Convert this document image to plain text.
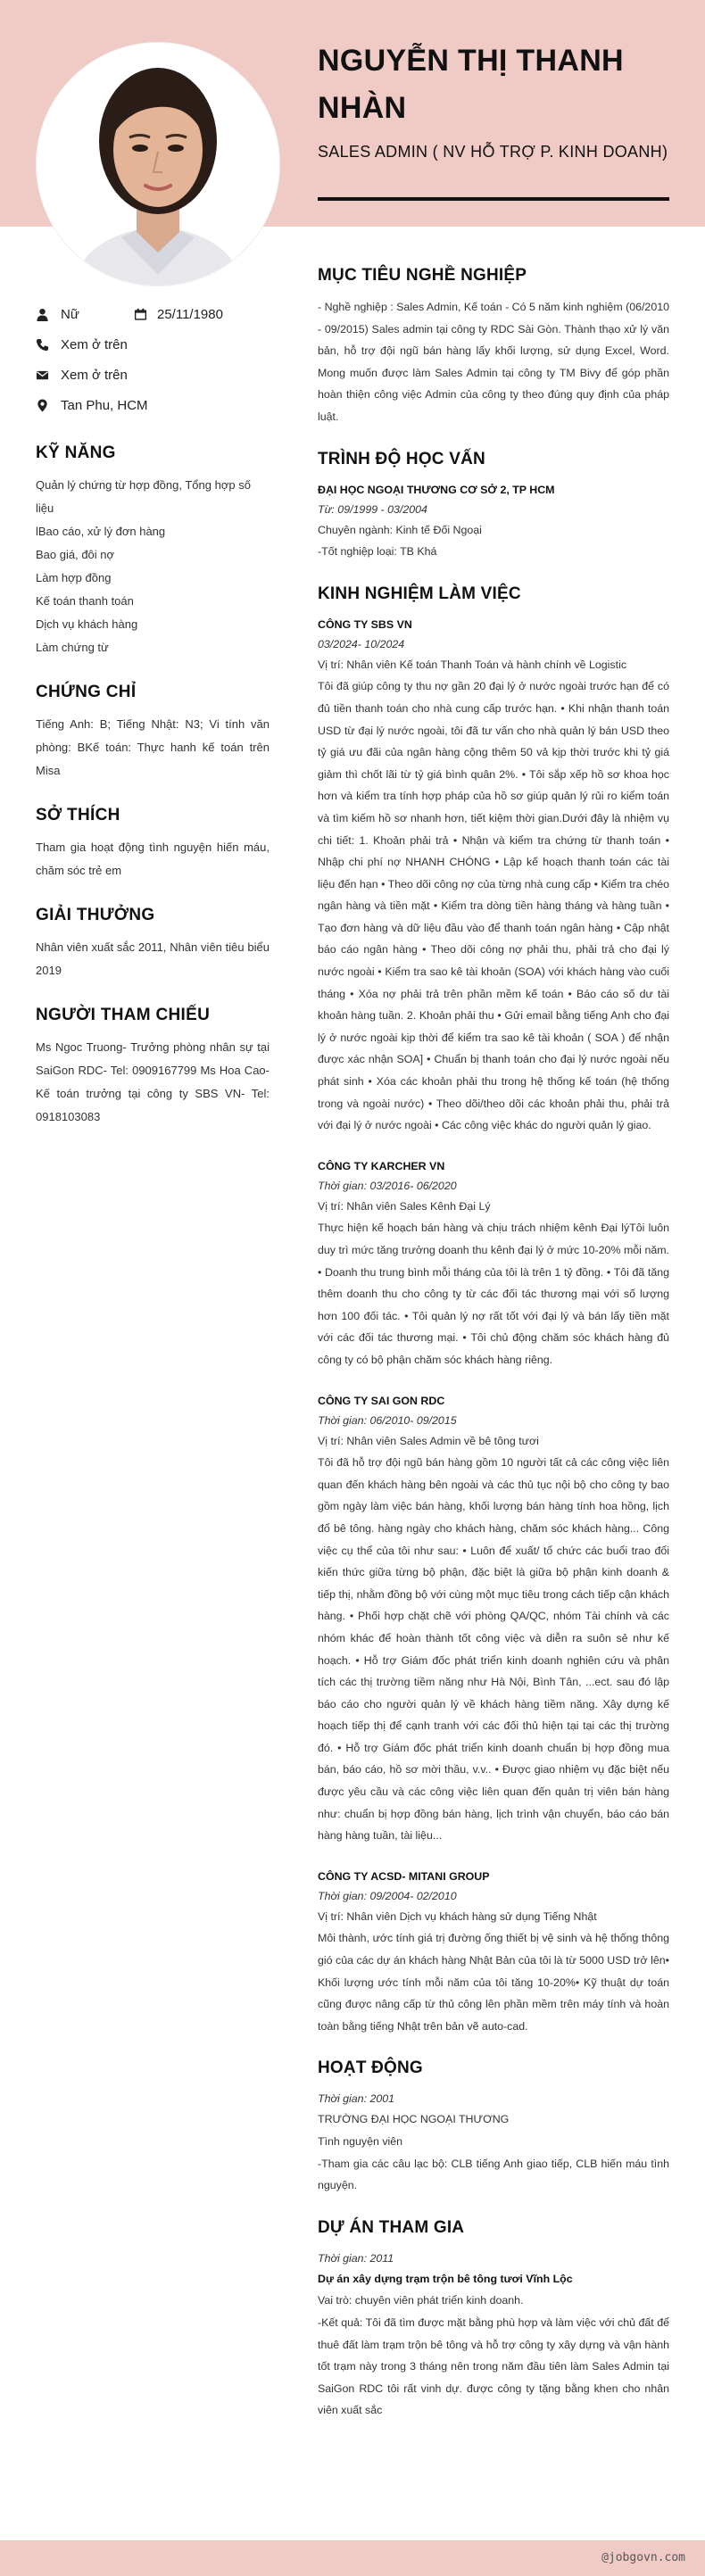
NGUYỄN THỊ THANH NHÀN
SALES ADMIN ( NV HỖ TRỢ P. KINH DOANH)
Nữ	25/11/1980
Xem ở trên
Xem ở trên
Tan Phu, HCM
KỸ NĂNG
Quản lý chứng từ hợp đồng, Tổng hợp số liệu
lBao cáo, xử lý đơn hàng
Bao giá, đôi nợ
Làm hợp đồng
Kế toán thanh toán
Dịch vụ khách hàng
Làm chứng từ
CHỨNG CHỈ

Tiếng Anh: B; Tiếng Nhật: N3; Vi tính văn phòng: BKế toán: Thực hanh kế toán trên Misa

SỞ THÍCH

Tham gia hoạt động tình nguyện hiến máu, chăm sóc trẻ em

GIẢI THƯỞNG

Nhân viên xuất sắc 2011, Nhân viên tiêu biểu 2019

NGƯỜI THAM CHIẾU

Ms Ngoc Truong- Trưởng phòng nhân sự tại SaiGon RDC- Tel: 0909167799 Ms Hoa Cao- Kế toán trưởng tại công ty SBS VN- Tel: 0918103083

MỤC TIÊU NGHỀ NGHIỆP

- Nghề nghiệp : Sales Admin, Kế toán - Có 5 năm kinh nghiệm (06/2010 - 09/2015) Sales admin tại công ty RDC Sài Gòn. Thành thạo xử lý văn bản, hỗ trợ đội ngũ bán hàng lấy khối lượng, sử dụng Excel, Word. Mong muốn được làm Sales Admin tại công ty TM Bivy để góp phần hoàn thiện công việc Admin của công ty theo đúng quy định của pháp luật.

TRÌNH ĐỘ HỌC VẤN
ĐẠI HỌC NGOẠI THƯƠNG CƠ SỞ 2, TP HCM
Từ: 09/1999 - 03/2004
Chuyên ngành: Kinh tế Đối Ngoại
-Tốt nghiệp loại: TB Khá
KINH NGHIỆM LÀM VIỆC
CÔNG TY SBS VN
03/2024- 10/2024
Vị trí: Nhân viên Kế toán Thanh Toán và hành chính về Logistic
Tôi đã giúp công ty thu nợ gần 20 đại lý ở nước ngoài trước hạn để có đủ tiền thanh toán cho nhà cung cấp trước hạn. • Khi nhận thanh toán USD từ đại lý nước ngoài, tôi đã tư vấn cho nhà quản lý bán USD theo tỷ giá ưu đãi của ngân hàng cộng thêm 50 vả kịp thời trước khi tỷ giá giảm thì chốt lãi từ tỷ giá bình quân 2%. • Tôi sắp xếp hồ sơ khoa học hơn và kiểm tra tính hợp pháp của hồ sơ giúp quản lý rủi ro kiểm toán và tìm kiếm hồ sơ nhanh hơn, tiết kiệm thời gian.Dưới đây là nhiệm vụ chi tiết: 1. Khoản phải trả • Nhận và kiểm tra chứng từ thanh toán • Nhập chi phí nợ NHANH CHÓNG • Lập kế hoạch thanh toán các tài liệu đến hạn • Theo dõi công nợ của từng nhà cung cấp • Kiểm tra chéo ngân hàng và tiền mặt • Kiểm tra dòng tiền hàng tháng và hàng tuần • Tạo đơn hàng và dữ liệu đầu vào để thanh toán ngân hàng • Cập nhật báo cáo ngân hàng • Theo dõi công nợ phải thu, phải trả cho đại lý nước ngoài • Kiểm tra sao kê tài khoản (SOA) với khách hàng vào cuối tháng • Xóa nợ phải trả trên phần mềm kế toán • Báo cáo số dư tài khoản hàng tuần. 2. Khoản phải thu • Gửi email bằng tiếng Anh cho đại lý ở nước ngoài kịp thời để kiểm tra sao kê tài khoản ( SOA ) để nhận được xác nhận SOA] • Chuẩn bị thanh toán cho đại lý nước ngoài nếu phát sinh • Xóa các khoản phải thu trong hệ thống kế toán (hệ thống trong và ngoài nước) • Theo dõi/theo dõi các khoản phải thu, phải trả với đại lý ở nước ngoài • Các công việc khác do người quản lý giao.
CÔNG TY KARCHER VN
Thời gian: 03/2016- 06/2020
Vị trí: Nhân viên Sales Kênh Đại Lý
Thực hiện kế hoạch bán hàng và chịu trách nhiệm kênh Đại lýTôi luôn duy trì mức tăng trưởng doanh thu kênh đại lý ở mức 10-20% mỗi năm. • Doanh thu trung bình mỗi tháng của tôi là trên 1 tỷ đồng. • Tôi đã tăng thêm doanh thu cho công ty từ các đối tác thương mại với số lượng hơn 100 đối tác. • Tôi quản lý nợ rất tốt với đại lý và bán lấy tiền mặt với các đối tác thương mại. • Tôi chủ động chăm sóc khách hàng đủ công ty có bộ phận chăm sóc khách hàng riêng.
CÔNG TY SAI GON RDC
Thời gian: 06/2010- 09/2015
Vị trí: Nhân viên Sales Admin về bê tông tươi
Tôi đã hỗ trợ đội ngũ bán hàng gồm 10 người tất cả các công việc liên quan đến khách hàng bên ngoài và các thủ tục nội bộ cho công ty bao gồm ngày làm việc bán hàng, khối lượng bán hàng tính hoa hồng, lịch đổ bê tông. hàng ngày cho khách hàng, chăm sóc khách hàng... Công việc cụ thể của tôi như sau: • Luôn để xuất/ tổ chức các buổi trao đổi kiến thức giữa từng bộ phận, đặc biệt là giữa bộ phận kinh doanh & tiếp thị, nhằm đồng bộ với cùng một mục tiêu trong cách tiếp cận khách hàng. • Phối hợp chặt chẽ với phòng QA/QC, nhóm Tài chính và các nhóm khác để hoàn thành tốt công việc và diễn ra suôn sẻ như kế hoạch. • Hỗ trợ Giám đốc phát triển kinh doanh nghiên cứu và phân tích các thị trường tiềm năng như Hà Nội, Bình Tân, ...ect. sau đó lập báo cáo cho người quản lý về khách hàng tiềm năng. Xây dựng kế hoạch tiếp thị để cạnh tranh với các đối thủ hiện tại tại các thị trường đó. • Hỗ trợ Giám đốc phát triển kinh doanh chuẩn bị hợp đồng mua bán, báo cáo, hồ sơ mời thầu, v.v.. • Được giao nhiệm vụ đặc biệt nếu được yêu cầu và các công việc liên quan đến quản trị viên bán hàng như: chuẩn bị hợp đồng bán hàng, lịch trình vận chuyển, báo cáo bán hàng hàng tuần, tài liệu...
CÔNG TY ACSD- MITANI GROUP
Thời gian: 09/2004- 02/2010
Vị trí: Nhân viên Dịch vụ khách hàng sử dụng Tiếng Nhật
Môi thành, ước tính giá trị đường ống thiết bị vệ sinh và hệ thống thông gió của các dự án khách hàng Nhật Bản của tôi là từ 5000 USD trở lên• Khối lượng ước tính mỗi năm của tôi tăng 10-20%• Kỹ thuật dự toán cũng được nâng cấp từ thủ công lên phần mềm trên máy tính và hoàn toàn bằng tiếng Nhật trên bản vẽ auto-cad.
HOẠT ĐỘNG
Thời gian: 2001
TRƯỜNG ĐẠI HỌC NGOẠI THƯƠNG
Tình nguyện viên
-Tham gia các câu lạc bộ: CLB tiếng Anh giao tiếp, CLB hiến máu tình nguyện.
DỰ ÁN THAM GIA
Thời gian: 2011
Dự án xây dựng trạm trộn bê tông tươi Vĩnh Lộc
Vai trò: chuyên viên phát triển kinh doanh.
-Kết quả: Tôi đã tìm được mặt bằng phù hợp và làm việc với chủ đất để thuê đất làm trạm trộn bê tông và hỗ trợ công ty xây dựng và vận hành tốt trạm này trong 3 tháng nên trong năm đầu tiên làm Sales Admin tại SaiGon RDC tôi rất vinh dự. được công ty tặng bằng khen cho nhân viên xuất sắc
@jobgovn.com
